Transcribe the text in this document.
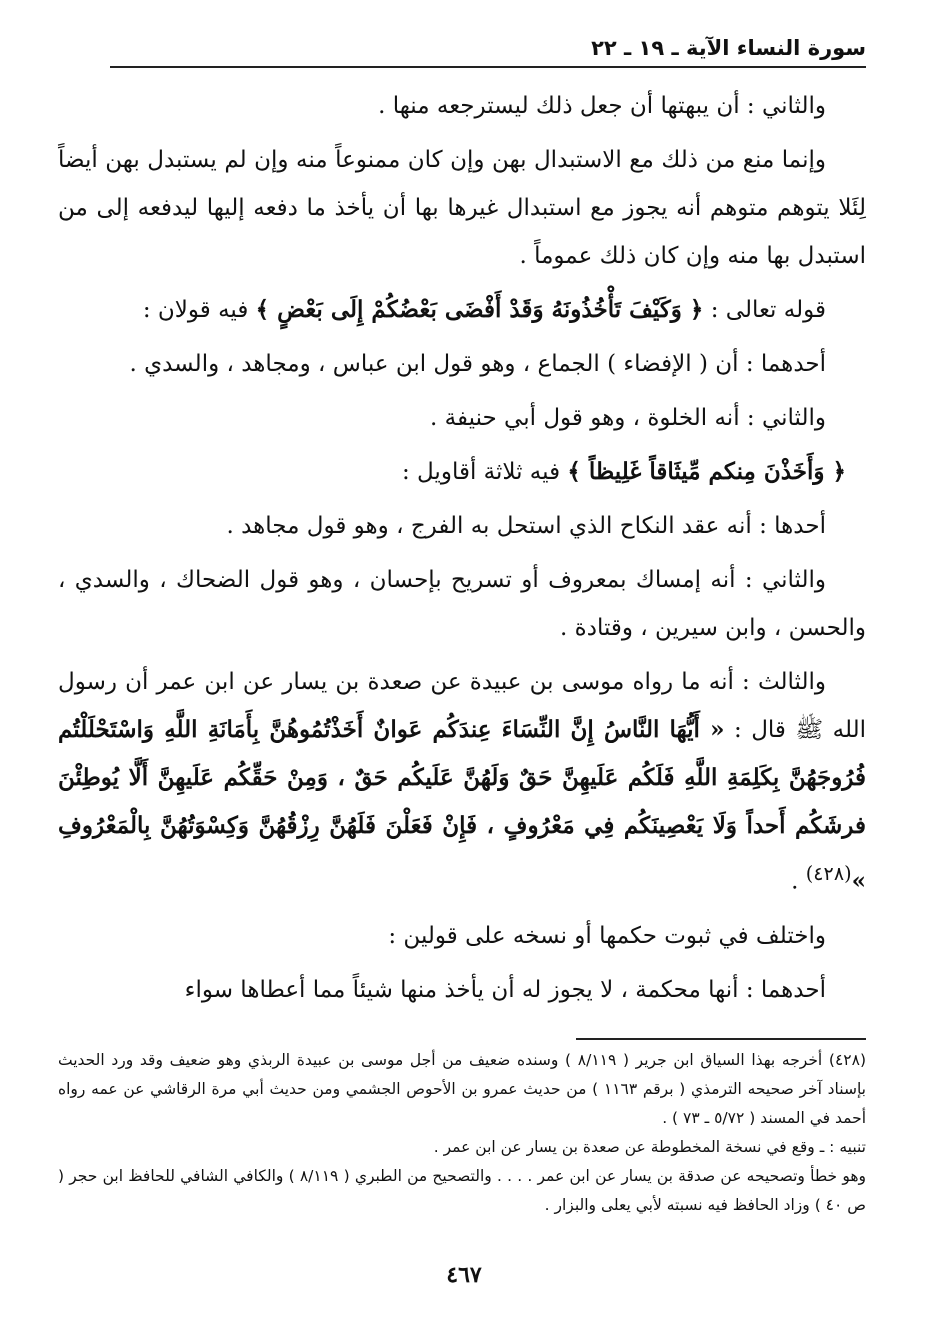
سورة النساء الآية ـ ١٩ ـ ٢٢

والثاني : أن يبهتها أن جعل ذلك ليسترجعه منها .

وإنما منع من ذلك مع الاستبدال بهن وإن كان ممنوعاً منه وإن لم يستبدل بهن أيضاً لِئَلا يتوهم متوهم أنه يجوز مع استبدال غيرها بها أن يأخذ ما دفعه إليها ليدفعه إلى من استبدل بها منه وإن كان ذلك عموماً .

قوله تعالى : ﴿ وَكَيْفَ تَأْخُذُونَهُ وَقَدْ أَفْضَى بَعْضُكُمْ إِلَى بَعْضٍ ﴾ فيه قولان :

أحدهما : أن ( الإفضاء ) الجماع ، وهو قول ابن عباس ، ومجاهد ، والسدي .

والثاني : أنه الخلوة ، وهو قول أبي حنيفة .

﴿ وَأَخَذْنَ مِنكم مِّيثَاقاً غَلِيظاً ﴾ فيه ثلاثة أقاويل :

أحدها : أنه عقد النكاح الذي استحل به الفرج ، وهو قول مجاهد .

والثاني : أنه إمساك بمعروف أو تسريح بإحسان ، وهو قول الضحاك ، والسدي ، والحسن ، وابن سيرين ، وقتادة .

والثالث : أنه ما رواه موسى بن عبيدة عن صعدة بن يسار عن ابن عمر أن رسول الله ﷺ قال : « أَيُّهَا النَّاسُ إِنَّ النِّسَاءَ عِندَكُم عَوانٌ أَخَذْتُمُوهُنَّ بِأَمَانَةِ اللَّهِ وَاسْتَحْلَلْتُم فُرُوجَهُنَّ بِكَلِمَةِ اللَّهِ فَلَكُم عَلَيهِنَّ حَقٌ وَلَهُنَّ عَلَيكُم حَقٌ ، وَمِنْ حَقِّكُم عَلَيهِنَّ أَلَّا يُوطِئْنَ فرشَكُم أَحداً وَلَا يَعْصِينَكُم فِي مَعْرُوفٍ ، فَإِنْ فَعَلْنَ فَلَهُنَّ رِزْقُهُنَّ وَكِسْوَتُهُنَّ بِالْمَعْرُوفِ »$^{(٤٢٨)}$ .

واختلف في ثبوت حكمها أو نسخه على قولين :

أحدهما : أنها محكمة ، لا يجوز له أن يأخذ منها شيئاً مما أعطاها سواء

(٤٢٨) أخرجه بهذا السياق ابن جرير ( ٨/١١٩ ) وسنده ضعيف من أجل موسى بن عبيدة الربذي وهو ضعيف وقد ورد الحديث بإسناد آخر صحيحه الترمذي ( برقم ١١٦٣ ) من حديث عمرو بن الأحوص الجشمي ومن حديث أبي مرة الرقاشي عن عمه رواه أحمد في المسند ( ٥/٧٢ ـ ٧٣ ) .

تنبيه : ـ وقع في نسخة المخطوطة عن صعدة بن يسار عن ابن عمر .

وهو خطأ وتصحيحه عن صدقة بن يسار عن ابن عمر . . . . والتصحيح من الطبري ( ٨/١١٩ ) والكافي الشافي للحافظ ابن حجر ( ص ٤٠ ) وزاد الحافظ فيه نسبته لأبي يعلى والبزار .

٤٦٧
